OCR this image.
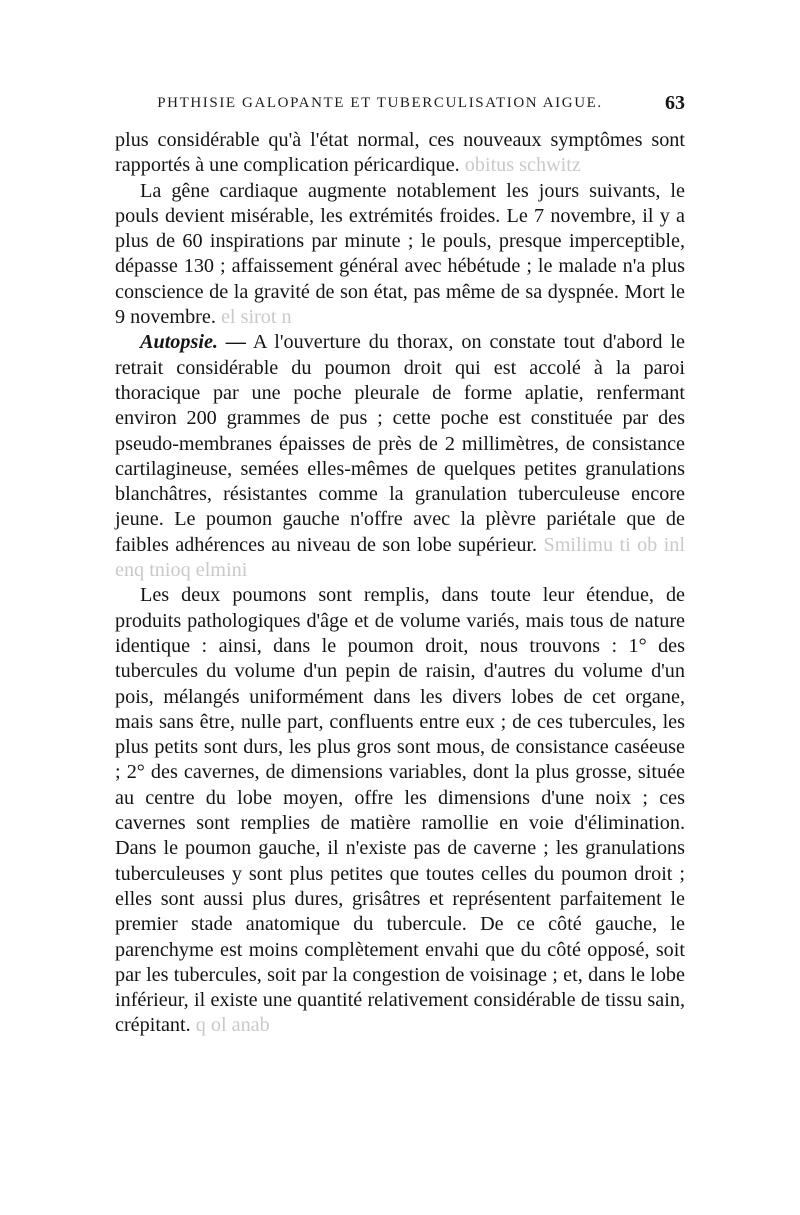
PHTHISIE GALOPANTE ET TUBERCULISATION AIGUE.	63

plus considérable qu'à l'état normal, ces nouveaux symptômes sont rapportés à une complication péricardique. obitus schwitz

La gêne cardiaque augmente notablement les jours suivants, le pouls devient misérable, les extrémités froides. Le 7 novembre, il y a plus de 60 inspirations par minute ; le pouls, presque imperceptible, dépasse 130 ; affaissement général avec hébétude ; le malade n'a plus conscience de la gravité de son état, pas même de sa dyspnée. Mort le 9 novembre. el sirot n

Autopsie. — A l'ouverture du thorax, on constate tout d'abord le retrait considérable du poumon droit qui est accolé à la paroi thoracique par une poche pleurale de forme aplatie, renfermant environ 200 grammes de pus ; cette poche est constituée par des pseudo-membranes épaisses de près de 2 millimètres, de consistance cartilagineuse, semées elles-mêmes de quelques petites granulations blanchâtres, résistantes comme la granulation tuberculeuse encore jeune. Le poumon gauche n'offre avec la plèvre pariétale que de faibles adhérences au niveau de son lobe supérieur. Smilimu ti ob inl enq tnioq elmini

Les deux poumons sont remplis, dans toute leur étendue, de produits pathologiques d'âge et de volume variés, mais tous de nature identique : ainsi, dans le poumon droit, nous trouvons : 1° des tubercules du volume d'un pepin de raisin, d'autres du volume d'un pois, mélangés uniformément dans les divers lobes de cet organe, mais sans être, nulle part, confluents entre eux ; de ces tubercules, les plus petits sont durs, les plus gros sont mous, de consistance caséeuse ; 2° des cavernes, de dimensions variables, dont la plus grosse, située au centre du lobe moyen, offre les dimensions d'une noix ; ces cavernes sont remplies de matière ramollie en voie d'élimination. Dans le poumon gauche, il n'existe pas de caverne ; les granulations tuberculeuses y sont plus petites que toutes celles du poumon droit ; elles sont aussi plus dures, grisâtres et représentent parfaitement le premier stade anatomique du tubercule. De ce côté gauche, le parenchyme est moins complètement envahi que du côté opposé, soit par les tubercules, soit par la congestion de voisinage ; et, dans le lobe inférieur, il existe une quantité relativement considérable de tissu sain, crépitant. q ol anab
